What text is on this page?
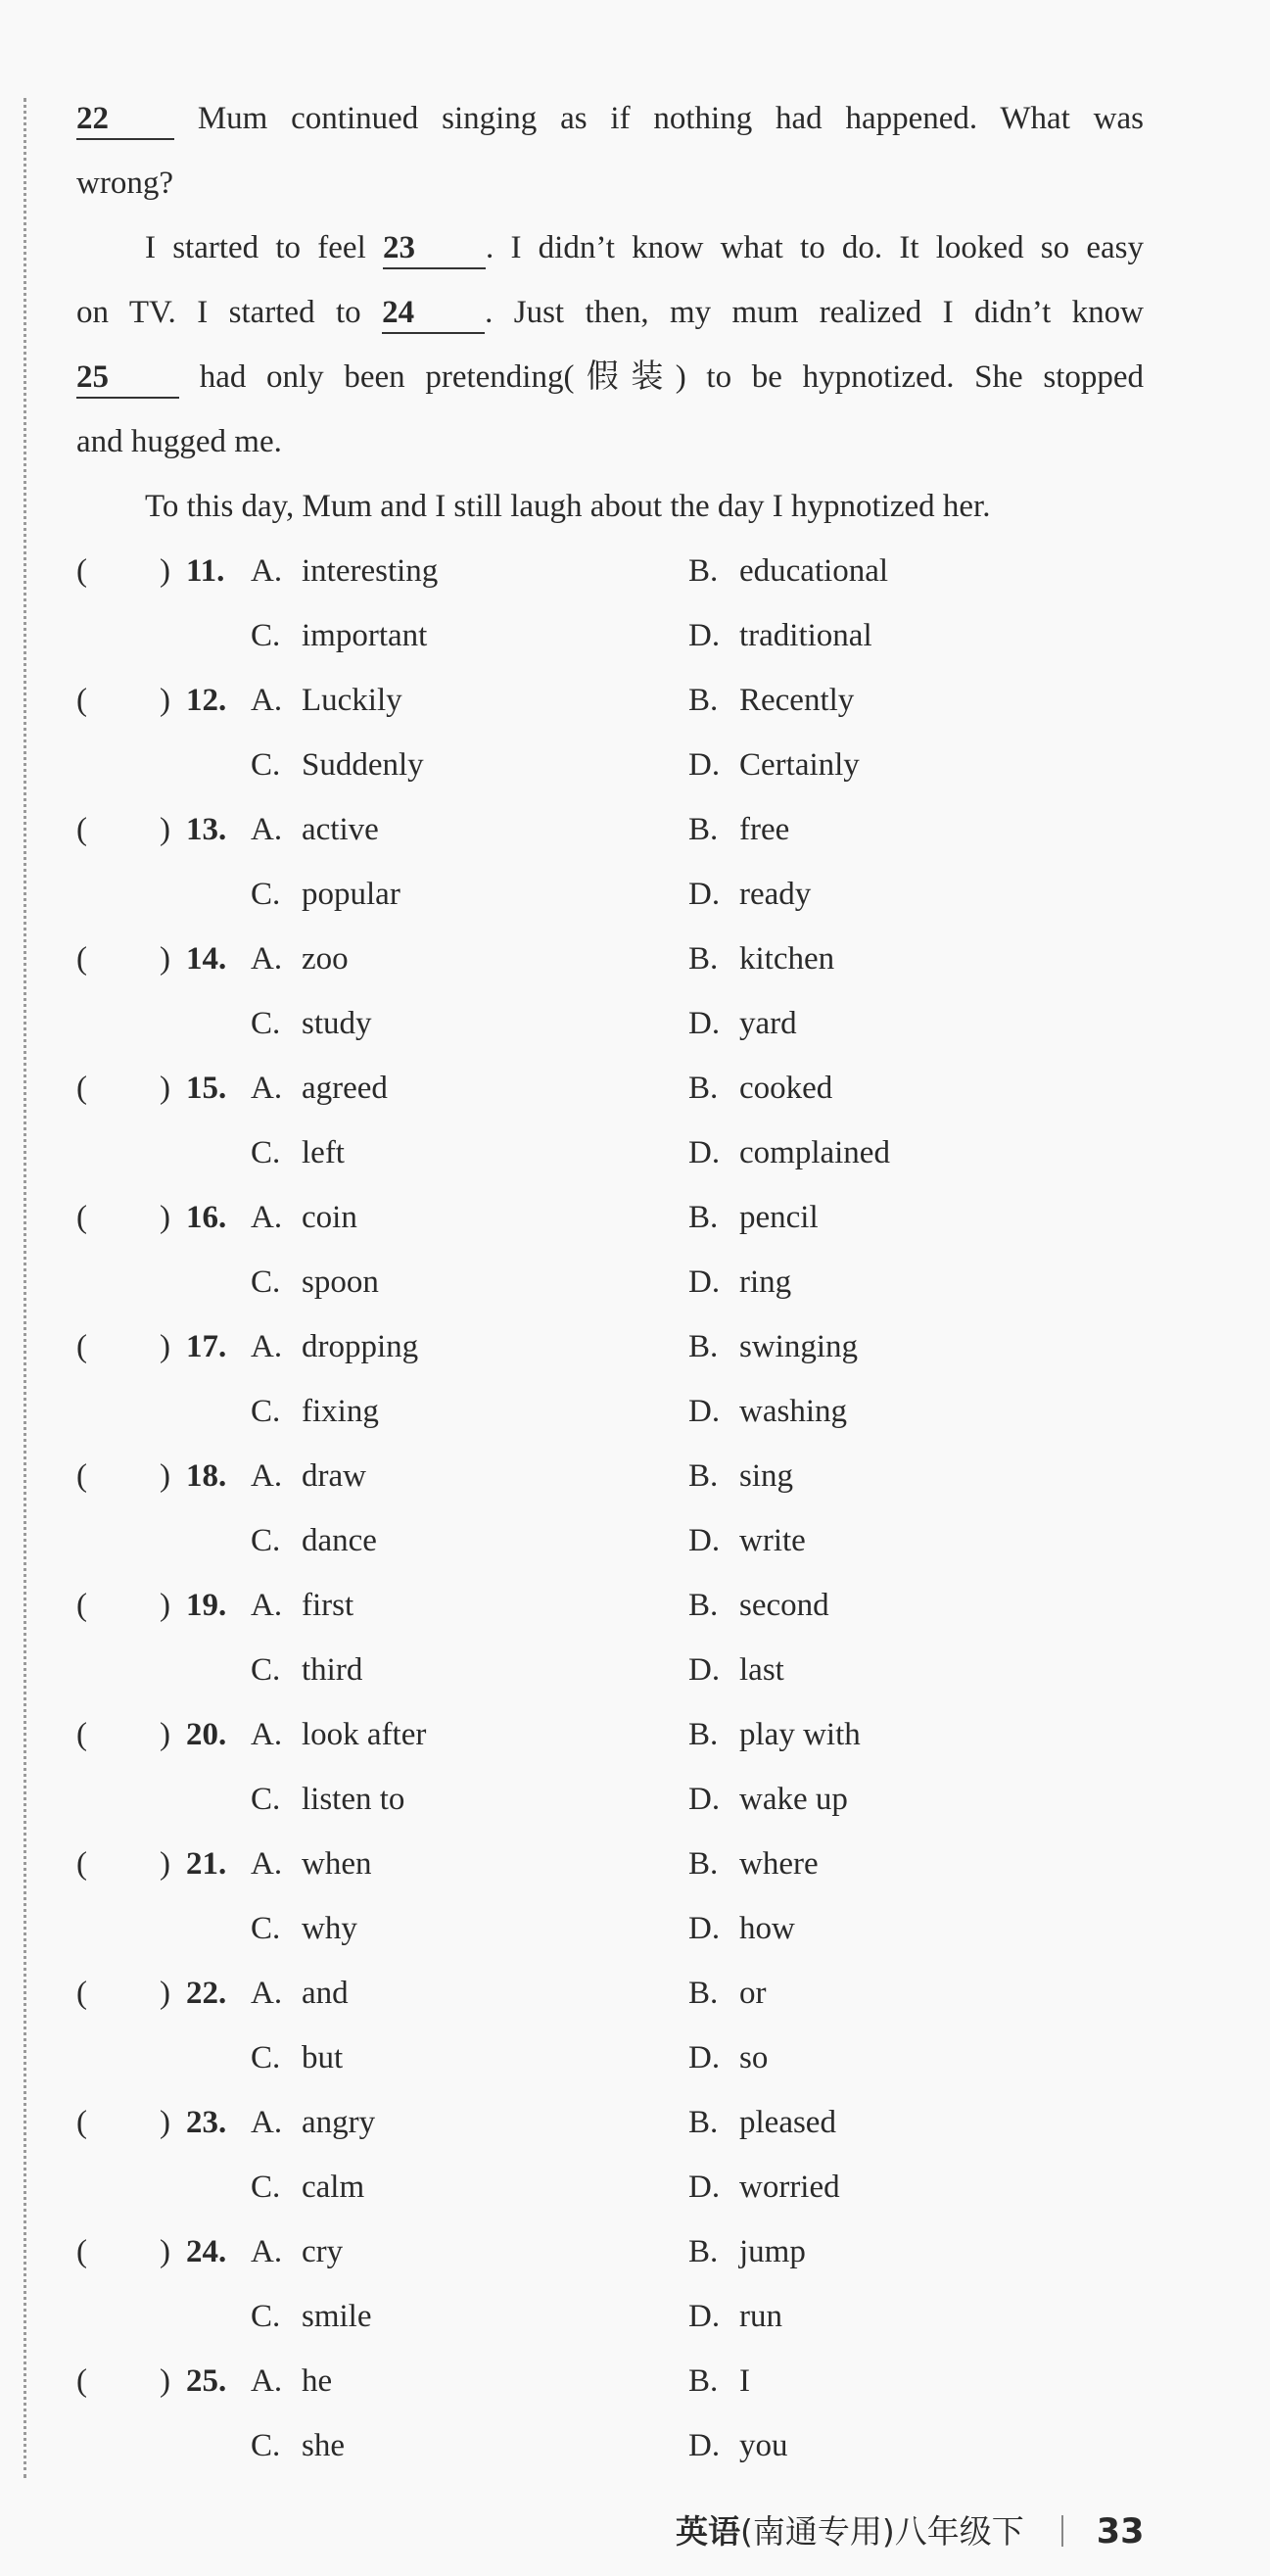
22	Mum continued singing as if nothing had happened. What was
wrong?
I started to feel 23 . I didn’t know what to do. It looked so easy
on TV. I started to 24 . Just then, my mum realized I didn’t know
25	had only been pretending(假装) to be hypnotized. She stopped
and hugged me.
To this day, Mum and I still laugh about the day I hypnotized her.
( ) 11. A. interesting	B. educational
C. important	D. traditional
( ) 12. A. Luckily	B. Recently
C. Suddenly	D. Certainly
( ) 13. A. active	B. free
C. popular	D. ready
( ) 14. A. zoo	B. kitchen
C. study	D. yard
( ) 15. A. agreed	B. cooked
C. left	D. complained
( ) 16. A. coin	B. pencil
C. spoon	D. ring
( ) 17. A. dropping	B. swinging
C. fixing	D. washing
( ) 18. A. draw	B. sing
C. dance	D. write
( ) 19. A. first	B. second
C. third	D. last
( ) 20. A. look after	B. play with
C. listen to	D. wake up
( ) 21. A. when	B. where
C. why	D. how
( ) 22. A. and	B. or
C. but	D. so
( ) 23. A. angry	B. pleased
C. calm	D. worried
( ) 24. A. cry	B. jump
C. smile	D. run
( ) 25. A. he	B. I
C. she	D. you
英语(南通专用)八年级下 33
